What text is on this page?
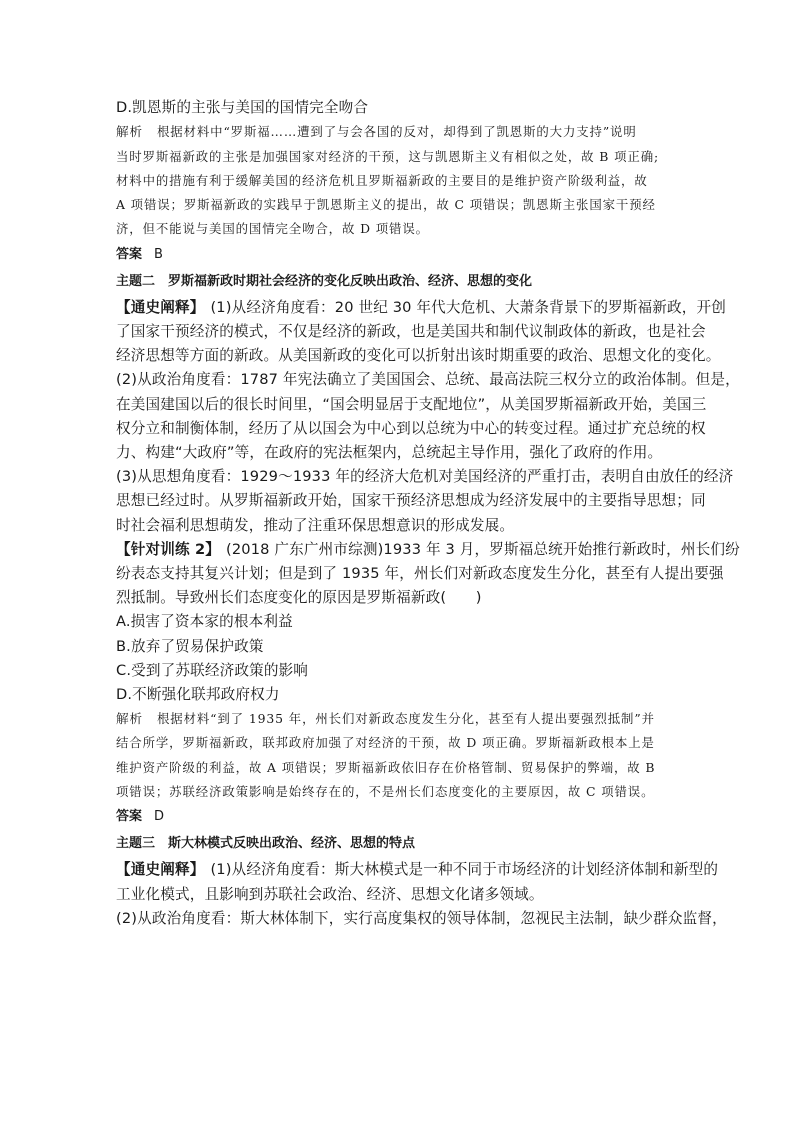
D.凯恩斯的主张与美国的国情完全吻合

解析 根据材料中“罗斯福……遭到了与会各国的反对，却得到了凯恩斯的大力支持”说明

当时罗斯福新政的主张是加强国家对经济的干预，这与凯恩斯主义有相似之处，故 B 项正确;

材料中的措施有利于缓解美国的经济危机且罗斯福新政的主要目的是维护资产阶级利益，故

A 项错误；罗斯福新政的实践早于凯恩斯主义的提出，故 C 项错误；凯恩斯主张国家干预经

济，但不能说与美国的国情完全吻合，故 D 项错误。

答案 B

主题二　 罗斯福新政时期社会经济的变化反映出政治、经济、思想的变化

【通史阐释】 (1)从经济角度看：20 世纪 30 年代大危机、大萧条背景下的罗斯福新政，开创

了国家干预经济的模式，不仅是经济的新政，也是美国共和制代议制政体的新政，也是社会

经济思想等方面的新政。从美国新政的变化可以折射出该时期重要的政治、思想文化的变化。

(2)从政治角度看：1787 年宪法确立了美国国会、总统、最高法院三权分立的政治体制。但是，

在美国建国以后的很长时间里，“国会明显居于支配地位”，从美国罗斯福新政开始，美国三

权分立和制衡体制，经历了从以国会为中心到以总统为中心的转变过程。通过扩充总统的权

力、构建“大政府”等，在政府的宪法框架内，总统起主导作用，强化了政府的作用。

(3)从思想角度看：1929～1933 年的经济大危机对美国经济的严重打击，表明自由放任的经济

思想已经过时。从罗斯福新政开始，国家干预经济思想成为经济发展中的主要指导思想；同

时社会福利思想萌发，推动了注重环保思想意识的形成发展。

【针对训练 2】 (2018 广东广州市综测)1933 年 3 月，罗斯福总统开始推行新政时，州长们纷

纷表态支持其复兴计划；但是到了 1935 年，州长们对新政态度发生分化，甚至有人提出要强

烈抵制。导致州长们态度变化的原因是罗斯福新政(　　)

A.损害了资本家的根本利益

B.放弃了贸易保护政策

C.受到了苏联经济政策的影响

D.不断强化联邦政府权力

解析 根据材料“到了 1935 年，州长们对新政态度发生分化，甚至有人提出要强烈抵制”并

结合所学，罗斯福新政，联邦政府加强了对经济的干预，故 D 项正确。罗斯福新政根本上是

维护资产阶级的利益，故 A 项错误；罗斯福新政依旧存在价格管制、贸易保护的弊端，故 B

项错误；苏联经济政策影响是始终存在的，不是州长们态度变化的主要原因，故 C 项错误。

答案 D

主题三　 斯大林模式反映出政治、经济、思想的特点

【通史阐释】 (1)从经济角度看：斯大林模式是一种不同于市场经济的计划经济体制和新型的

工业化模式，且影响到苏联社会政治、经济、思想文化诸多领域。

(2)从政治角度看：斯大林体制下，实行高度集权的领导体制，忽视民主法制，缺少群众监督，
